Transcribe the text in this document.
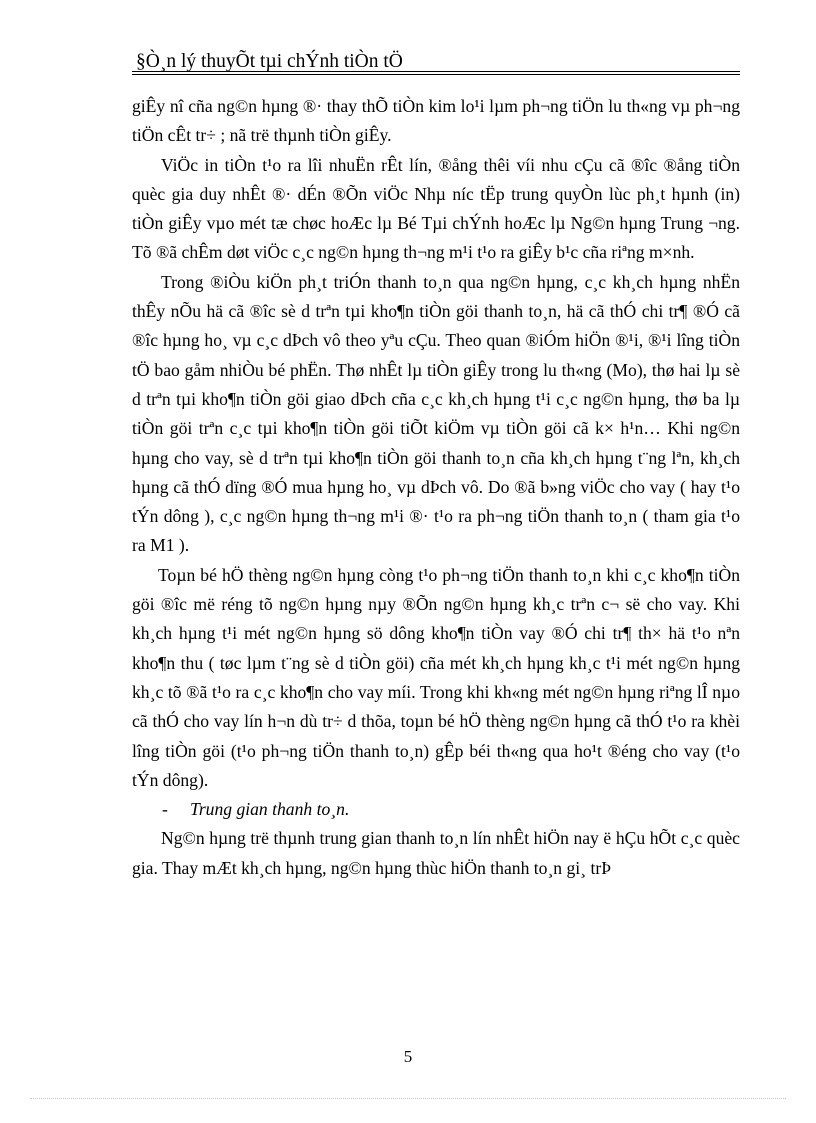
§Ò¸n lý thuyÕt tµi chÝnh tiÒn tÖ

giÊy nî cña ng©n hµng ®· thay thÕ tiÒn kim lo¹i lµm ph¬ng tiÖn lu th«ng vµ ph¬ng tiÖn cÊt tr÷ ; nã trë thµnh tiÒn giÊy.

ViÖc in tiÒn t¹o ra lîi nhuËn rÊt lín, ®ång thêi víi nhu cÇu cã ®îc ®ång tiÒn quèc gia duy nhÊt ®· dÉn ®Õn viÖc Nhµ níc tËp trung quyÒn lùc ph¸t hµnh (in) tiÒn giÊy vµo mét tæ chøc hoÆc lµ Bé Tµi chÝnh hoÆc lµ Ng©n hµng Trung ¬ng. Tõ ®ã chÊm døt viÖc c¸c ng©n hµng th¬ng m¹i t¹o ra giÊy b¹c cña riªng m×nh.

Trong ®iÒu kiÖn ph¸t triÓn thanh to¸n qua ng©n hµng, c¸c kh¸ch hµng nhËn thÊy nÕu hä cã ®îc sè d trªn tµi kho¶n tiÒn göi thanh to¸n, hä cã thÓ chi tr¶ ®Ó cã ®îc hµng ho¸ vµ c¸c dÞch vô theo yªu cÇu. Theo quan ®iÓm hiÖn ®¹i, ®¹i lîng tiÒn tÖ bao gåm nhiÒu bé phËn. Thø nhÊt lµ tiÒn giÊy trong lu th«ng (Mo), thø hai lµ sè d trªn tµi kho¶n tiÒn göi giao dÞch cña c¸c kh¸ch hµng t¹i c¸c ng©n hµng, thø ba lµ tiÒn göi trªn c¸c tµi kho¶n tiÒn göi tiÕt kiÖm vµ tiÒn göi cã k× h¹n… Khi ng©n hµng cho vay, sè d trªn tµi kho¶n tiÒn göi thanh to¸n cña kh¸ch hµng t¨ng lªn, kh¸ch hµng cã thÓ dïng ®Ó mua hµng ho¸ vµ dÞch vô. Do ®ã b»ng viÖc cho vay ( hay t¹o tÝn dông ), c¸c ng©n hµng th¬ng m¹i ®· t¹o ra ph¬ng tiÖn thanh to¸n ( tham gia t¹o ra M1 ).

Toµn bé hÖ thèng ng©n hµng còng t¹o ph¬ng tiÖn thanh to¸n khi c¸c kho¶n tiÒn göi ®îc më réng tõ ng©n hµng nµy ®Õn ng©n hµng kh¸c trªn c¬ së cho vay. Khi kh¸ch hµng t¹i mét ng©n hµng sö dông kho¶n tiÒn vay ®Ó chi tr¶ th× hä t¹o nªn kho¶n thu ( tøc lµm t¨ng sè d tiÒn göi) cña mét kh¸ch hµng kh¸c t¹i mét ng©n hµng kh¸c tõ ®ã t¹o ra c¸c kho¶n cho vay míi. Trong khi kh«ng mét ng©n hµng riªng lÎ nµo cã thÓ cho vay lín h¬n dù tr÷ d thõa, toµn bé hÖ thèng ng©n hµng cã thÓ t¹o ra khèi lîng tiÒn göi (t¹o ph¬ng tiÖn thanh to¸n) gÊp béi th«ng qua ho¹t ®éng cho vay (t¹o tÝn dông).

- Trung gian thanh to¸n.

Ng©n hµng trë thµnh trung gian thanh to¸n lín nhÊt hiÖn nay ë hÇu hÕt c¸c quèc gia. Thay mÆt kh¸ch hµng, ng©n hµng thùc hiÖn thanh to¸n gi¸ trÞ

5
